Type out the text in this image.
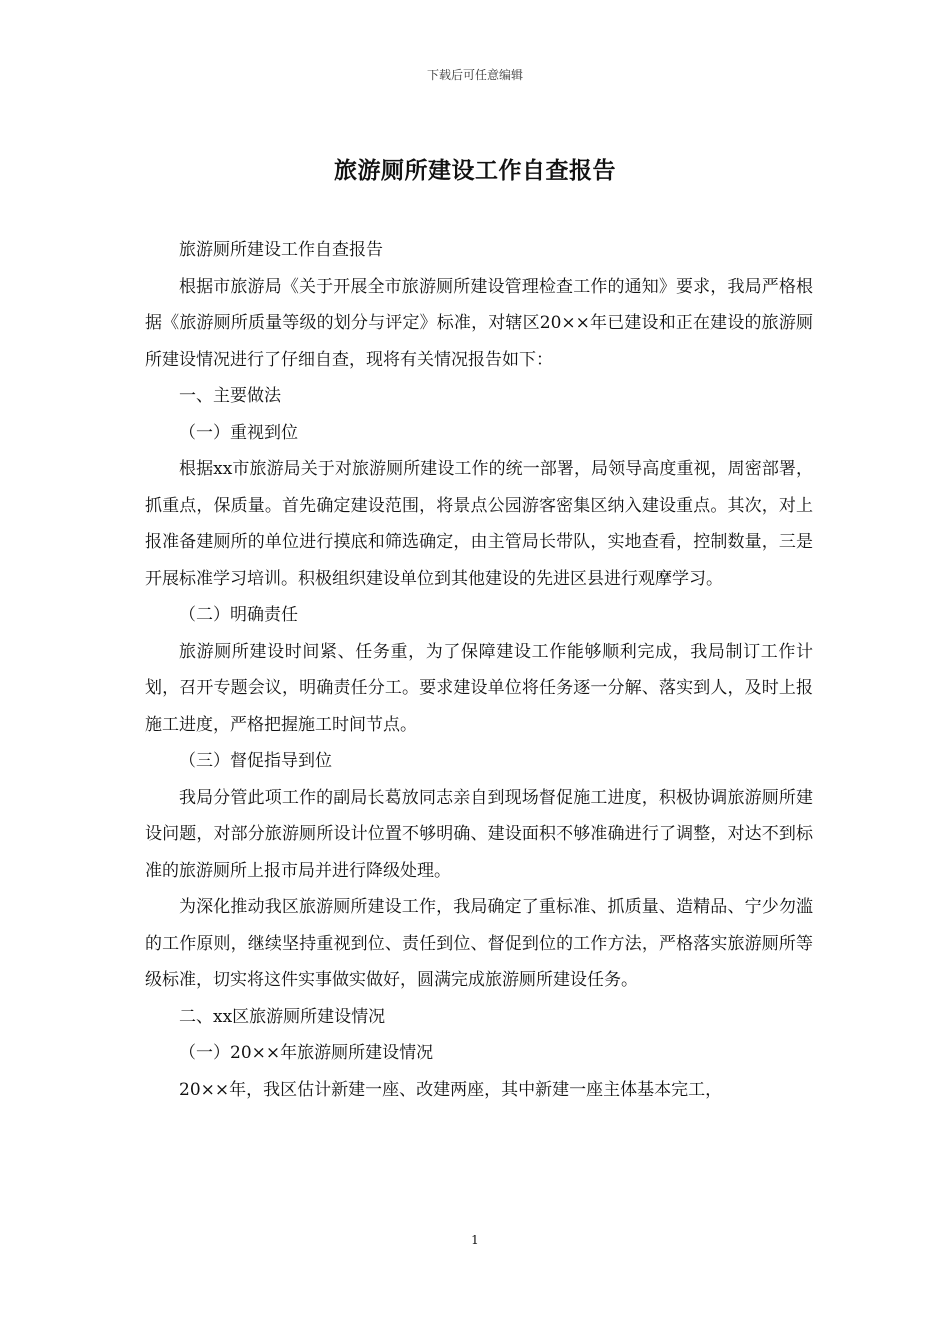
下载后可任意编辑
旅游厕所建设工作自查报告

旅游厕所建设工作自查报告

根据市旅游局《关于开展全市旅游厕所建设管理检查工作的通知》要求，我局严格根据《旅游厕所质量等级的划分与评定》标准，对辖区20××年已建设和正在建设的旅游厕所建设情况进行了仔细自查，现将有关情况报告如下：

一、主要做法

（一）重视到位

根据xx市旅游局关于对旅游厕所建设工作的统一部署，局领导高度重视，周密部署，抓重点，保质量。首先确定建设范围，将景点公园游客密集区纳入建设重点。其次，对上报准备建厕所的单位进行摸底和筛选确定，由主管局长带队，实地查看，控制数量，三是开展标准学习培训。积极组织建设单位到其他建设的先进区县进行观摩学习。

（二）明确责任

旅游厕所建设时间紧、任务重，为了保障建设工作能够顺利完成，我局制订工作计划，召开专题会议，明确责任分工。要求建设单位将任务逐一分解、落实到人，及时上报施工进度，严格把握施工时间节点。

（三）督促指导到位

我局分管此项工作的副局长葛放同志亲自到现场督促施工进度，积极协调旅游厕所建设问题，对部分旅游厕所设计位置不够明确、建设面积不够准确进行了调整，对达不到标准的旅游厕所上报市局并进行降级处理。

为深化推动我区旅游厕所建设工作，我局确定了重标准、抓质量、造精品、宁少勿滥的工作原则，继续坚持重视到位、责任到位、督促到位的工作方法，严格落实旅游厕所等级标准，切实将这件实事做实做好，圆满完成旅游厕所建设任务。

二、xx区旅游厕所建设情况

（一）20××年旅游厕所建设情况

20××年，我区估计新建一座、改建两座，其中新建一座主体基本完工，

1
